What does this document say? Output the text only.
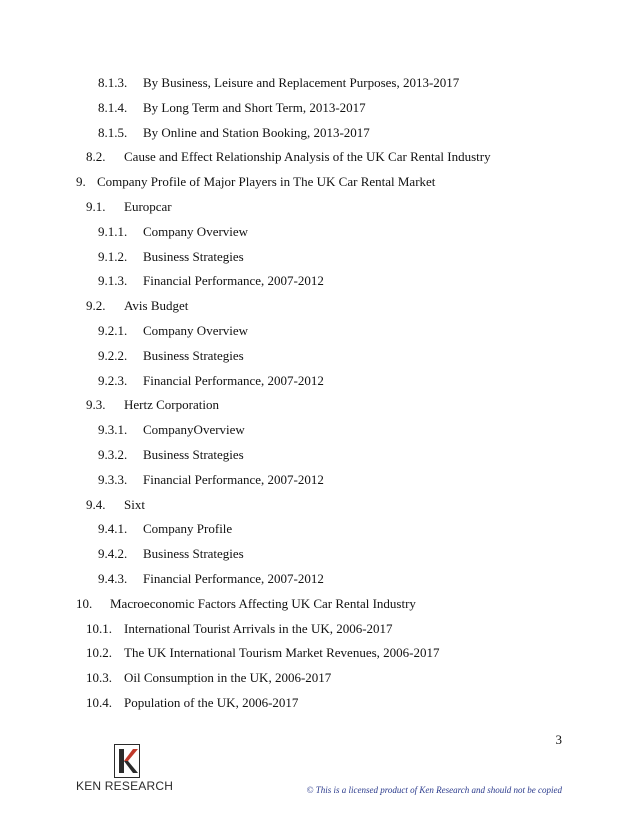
8.1.3. By Business, Leisure and Replacement Purposes, 2013-2017
8.1.4. By Long Term and Short Term, 2013-2017
8.1.5. By Online and Station Booking, 2013-2017
8.2. Cause and Effect Relationship Analysis of the UK Car Rental Industry
9. Company Profile of Major Players in The UK Car Rental Market
9.1. Europcar
9.1.1. Company Overview
9.1.2. Business Strategies
9.1.3. Financial Performance, 2007-2012
9.2. Avis Budget
9.2.1. Company Overview
9.2.2. Business Strategies
9.2.3. Financial Performance, 2007-2012
9.3. Hertz Corporation
9.3.1. CompanyOverview
9.3.2. Business Strategies
9.3.3. Financial Performance, 2007-2012
9.4. Sixt
9.4.1. Company Profile
9.4.2. Business Strategies
9.4.3. Financial Performance, 2007-2012
10. Macroeconomic Factors Affecting UK Car Rental Industry
10.1. International Tourist Arrivals in the UK, 2006-2017
10.2. The UK International Tourism Market Revenues, 2006-2017
10.3. Oil Consumption in the UK, 2006-2017
10.4. Population of the UK, 2006-2017
3
KEN RESEARCH	© This is a licensed product of Ken Research and should not be copied
